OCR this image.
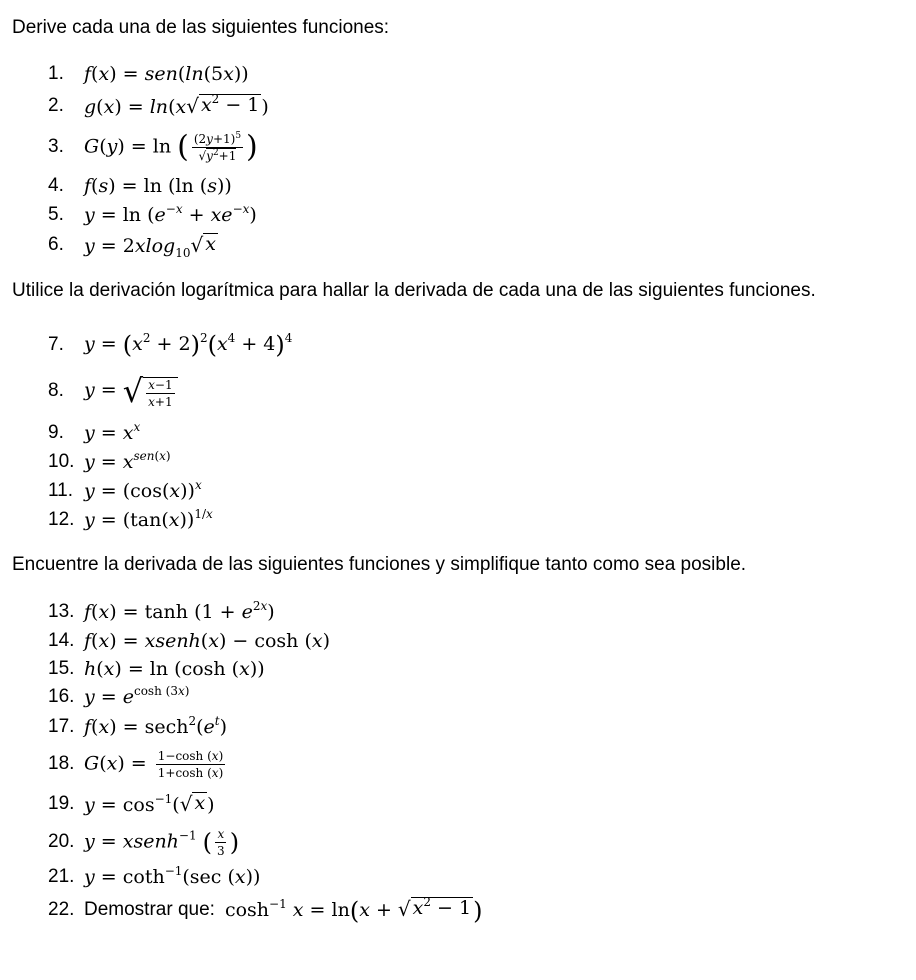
Derive cada una de las siguientes funciones:
1.	f(x) = sen(ln(5x))
2.	g(x) = ln(x √ $x^2 - 1$ )
3.	G(y) = ln ( $\frac{(2y+1)^5}{√y^2+1}$ )
4.	f(s) = ln (ln (s))
5.	$y = \ln (e^{-x} + xe^{-x})$
6.	y = 2xlog$_{10}$ √ x
Utilice la derivación logarítmica para hallar la derivada de cada una de las siguientes funciones.
7.	$y = (x^2 + 2)^2(x^4 + 4)^4$
8.	y = √ $\frac{x-1}{x+1}$
9.	$y = x^x$
10. $y = x^{sen(x)}$
11. $y = (\cos(x))^x$
12. $y = (\tan(x))^{1/x}$
Encuentre la derivada de las siguientes funciones y simplifique tanto como sea posible.
13. $f(x) = \tanh (1 + e^{2x})$
14. f(x) = xsenh(x) − cosh (x)
15. h(x) = ln (cosh (x))
16. $y = e^{cosh (3x)}$
17. $f(x) = \sec h^2(e^t)$
18. $G(x) = \frac{1-\cosh (x)}{1+\cosh (x)}$
19. $y = \cos^{-1}$( √ x )
20. y = xsenh$^{-1}$ ( $\frac{x}{3}$ )
21. y = coth$^{-1}$(sec (x))
22. Demostrar que: $\cosh^{-1} x = \ln(x$ + √ $x^2 - 1$ )
